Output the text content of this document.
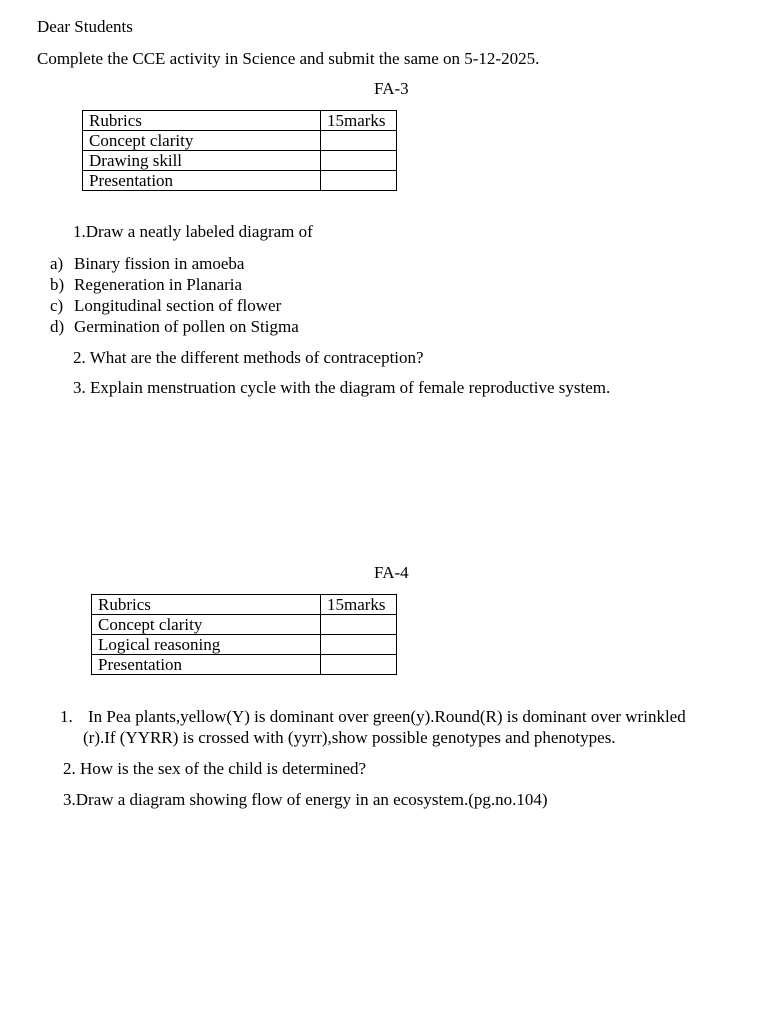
Dear Students
Complete the CCE activity in Science and submit the same on 5-12-2025.
FA-3
Rubrics	15marks
Concept clarity	
Drawing skill	
Presentation	
1.Draw a neatly labeled diagram of
a) Binary fission in amoeba
b) Regeneration in Planaria
c) Longitudinal section of flower
d) Germination of pollen on Stigma
2. What are the different methods of contraception?
3. Explain menstruation cycle with the diagram of female reproductive system.
FA-4
Rubrics	15marks
Concept clarity	
Logical reasoning	
Presentation	
1. In Pea plants,yellow(Y) is dominant over green(y).Round(R) is dominant over wrinkled
(r).If (YYRR) is crossed with (yyrr),show possible genotypes and phenotypes.
2. How is the sex of the child is determined?
3.Draw a diagram showing flow of energy in an ecosystem.(pg.no.104)
